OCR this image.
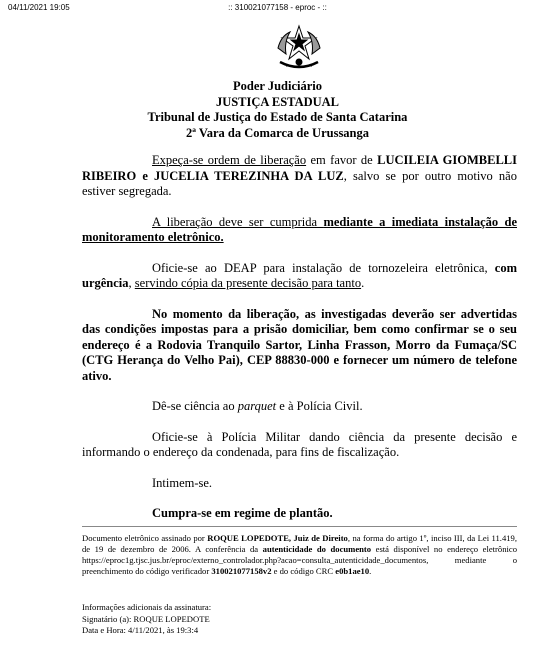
04/11/2021 19:05	:: 310021077158 - eproc - ::
Poder Judiciário
JUSTIÇA ESTADUAL
Tribunal de Justiça do Estado de Santa Catarina
2ª Vara da Comarca de Urussanga

Expeça-se ordem de liberação em favor de LUCILEIA GIOMBELLI RIBEIRO e JUCELIA TEREZINHA DA LUZ, salvo se por outro motivo não estiver segregada.

A liberação deve ser cumprida mediante a imediata instalação de monitoramento eletrônico.

Oficie-se ao DEAP para instalação de tornozeleira eletrônica, com urgência, servindo cópia da presente decisão para tanto.

No momento da liberação, as investigadas deverão ser advertidas das condições impostas para a prisão domiciliar, bem como confirmar se o seu endereço é a Rodovia Tranquilo Sartor, Linha Frasson, Morro da Fumaça/SC (CTG Herança do Velho Pai), CEP 88830-000 e fornecer um número de telefone ativo.

Dê-se ciência ao parquet e à Polícia Civil.

Oficie-se à Polícia Militar dando ciência da presente decisão e informando o endereço da condenada, para fins de fiscalização.

Intimem-se.

Cumpra-se em regime de plantão.

Documento eletrônico assinado por ROQUE LOPEDOTE, Juiz de Direito, na forma do artigo 1º, inciso III, da Lei 11.419, de 19 de dezembro de 2006. A conferência da autenticidade do documento está disponível no endereço eletrônico https://eproc1g.tjsc.jus.br/eproc/externo_controlador.php?acao=consulta_autenticidade_documentos, mediante o preenchimento do código verificador 310021077158v2 e do código CRC e0b1ae10.

Informações adicionais da assinatura:
Signatário (a): ROQUE LOPEDOTE
Data e Hora: 4/11/2021, às 19:3:4
